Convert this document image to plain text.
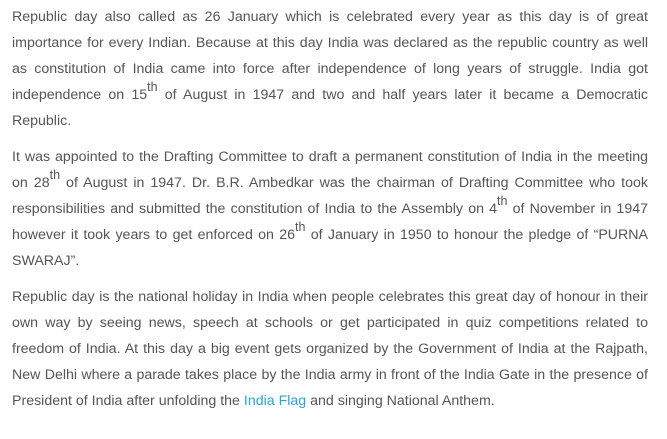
Republic day also called as 26 January which is celebrated every year as this day is of great importance for every Indian. Because at this day India was declared as the republic country as well as constitution of India came into force after independence of long years of struggle. India got independence on 15th of August in 1947 and two and half years later it became a Democratic Republic.

It was appointed to the Drafting Committee to draft a permanent constitution of India in the meeting on 28th of August in 1947. Dr. B.R. Ambedkar was the chairman of Drafting Committee who took responsibilities and submitted the constitution of India to the Assembly on 4th of November in 1947 however it took years to get enforced on 26th of January in 1950 to honour the pledge of “PURNA SWARAJ”.

Republic day is the national holiday in India when people celebrates this great day of honour in their own way by seeing news, speech at schools or get participated in quiz competitions related to freedom of India. At this day a big event gets organized by the Government of India at the Rajpath, New Delhi where a parade takes place by the India army in front of the India Gate in the presence of President of India after unfolding the India Flag and singing National Anthem.
